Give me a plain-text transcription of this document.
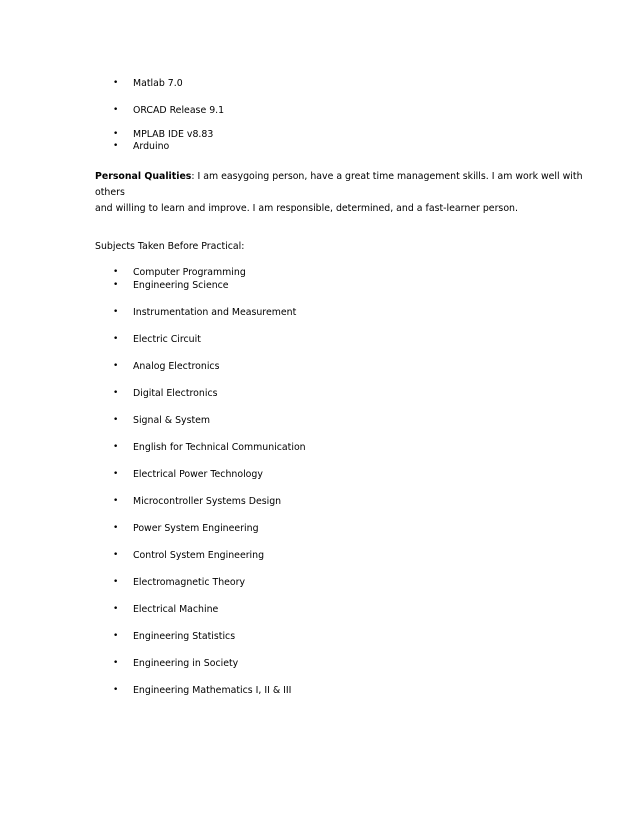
•	Matlab 7.0
•	ORCAD Release 9.1
•	MPLAB IDE v8.83
•	Arduino
Personal Qualities: I am easygoing person, have a great time management skills. I am work well with others
and willing to learn and improve. I am responsible, determined, and a fast-learner person.
Subjects Taken Before Practical:
•	Computer Programming
•	Engineering Science
•	Instrumentation and Measurement
•	Electric Circuit
•	Analog Electronics
•	Digital Electronics
•	Signal & System
•	English for Technical Communication
•	Electrical Power Technology
•	Microcontroller Systems Design
•	Power System Engineering
•	Control System Engineering
•	Electromagnetic Theory
•	Electrical Machine
•	Engineering Statistics
•	Engineering in Society
•	Engineering Mathematics I, II & III
